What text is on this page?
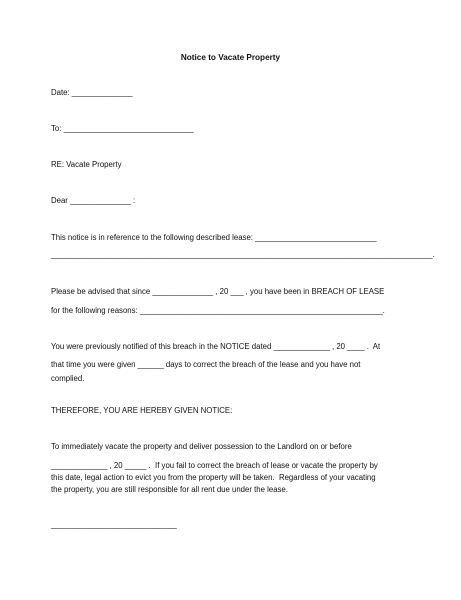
Notice to Vacate Property

Date: ______________

To: ______________________________

RE: Vacate Property

Dear ______________ :

This notice is in reference to the following described lease: ____________________________

________________________________________________________________________________________.

Please be advised that since ______________ , 20 ___ , you have been in BREACH OF LEASE

for the following reasons: ________________________________________________________.

You were previously notified of this breach in the NOTICE dated _____________ , 20 ____ .  At

that time you were given ______ days to correct the breach of the lease and you have not

complied.

THEREFORE, YOU ARE HEREBY GIVEN NOTICE:

To immediately vacate the property and deliver possession to the Landlord on or before

_____________ , 20 _____ .  If you fail to correct the breach of lease or vacate the property by

this date, legal action to evict you from the property will be taken.  Regardless of your vacating

the property, you are still responsible for all rent due under the lease.

_____________________________
